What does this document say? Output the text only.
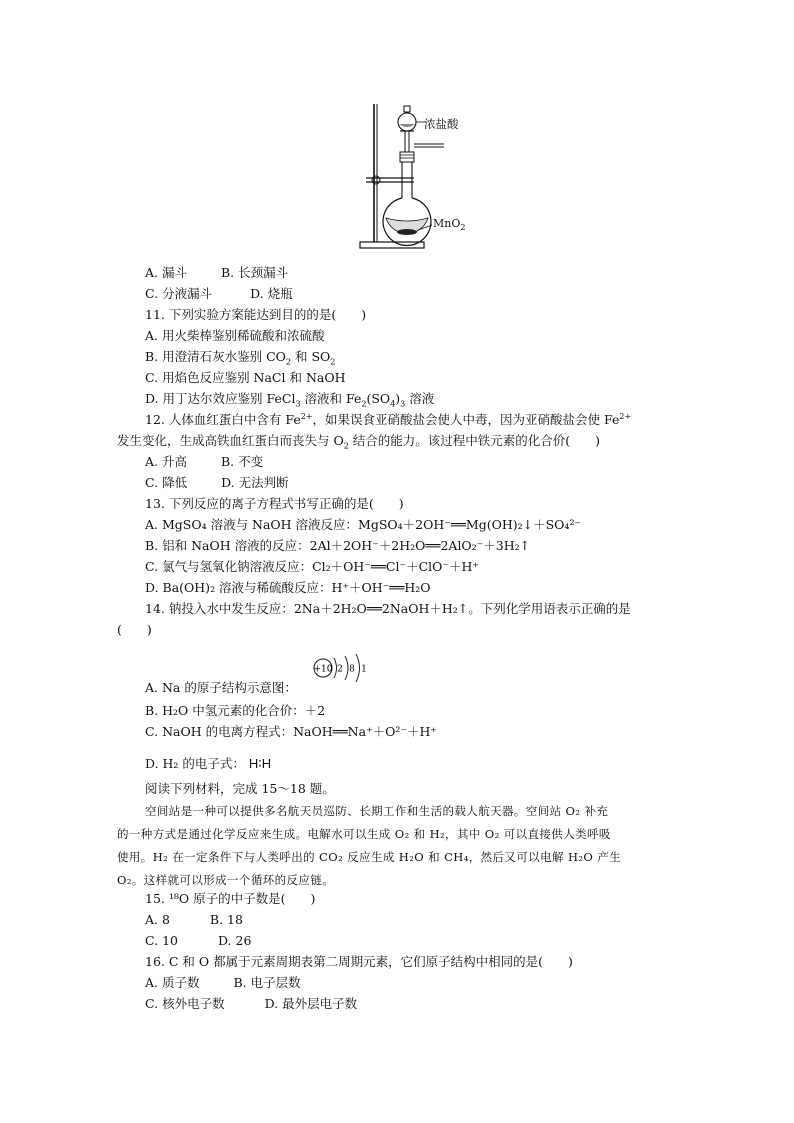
浓盐酸
MnO$_2$
A. 漏斗	B. 长颈漏斗
C. 分液漏斗	D. 烧瓶
11. 下列实验方案能达到目的的是(　　)
A. 用火柴棒鉴别稀硫酸和浓硫酸
B. 用澄清石灰水鉴别 $CO_2$ 和 $SO_2$
C. 用焰色反应鉴别 NaCl 和 NaOH
D. 用丁达尔效应鉴别 FeCl$_3$ 溶液和 $Fe_2(SO_4)_3$ 溶液
12. 人体血红蛋白中含有 $Fe^{2+}$，如果误食亚硝酸盐会使人中毒，因为亚硝酸盐会使 $Fe^{2+}$
发生变化，生成高铁血红蛋白而丧失与 $O_2$ 结合的能力。该过程中铁元素的化合价(　　)
A. 升高	B. 不变
C. 降低	D. 无法判断
13. 下列反应的离子方程式书写正确的是(　　)
A. MgSO₄ 溶液与 NaOH 溶液反应：MgSO₄＋2OH⁻══Mg(OH)₂↓＋SO₄²⁻
B. 铝和 NaOH 溶液的反应：2Al＋2OH⁻＋2H₂O══2AlO₂⁻＋3H₂↑
C. 氯气与氢氧化钠溶液反应：Cl₂＋OH⁻══Cl⁻＋ClO⁻＋H⁺
D. Ba(OH)₂ 溶液与稀硫酸反应：H⁺＋OH⁻══H₂O
14. 钠投入水中发生反应：2Na＋2H₂O══2NaOH＋H₂↑。下列化学用语表示正确的是
(　　)
+10 2 8 1
A. Na 的原子结构示意图：
B. H₂O 中氢元素的化合价：＋2
C. NaOH 的电离方程式：NaOH══Na⁺＋O²⁻＋H⁺
D. H₂ 的电子式： H∶H
阅读下列材料，完成 15～18 题。
空间站是一种可以提供多名航天员巡防、长期工作和生活的载人航天器。空间站 O₂ 补充
的一种方式是通过化学反应来生成。电解水可以生成 O₂ 和 H₂，其中 O₂ 可以直接供人类呼吸
使用。H₂ 在一定条件下与人类呼出的 CO₂ 反应生成 H₂O 和 CH₄，然后又可以电解 H₂O 产生
O₂。这样就可以形成一个循环的反应链。
15. ¹⁸O 原子的中子数是(　　)
A. 8	B. 18
C. 10	D. 26
16. C 和 O 都属于元素周期表第二周期元素，它们原子结构中相同的是(　　)
A. 质子数	B. 电子层数
C. 核外电子数	D. 最外层电子数
